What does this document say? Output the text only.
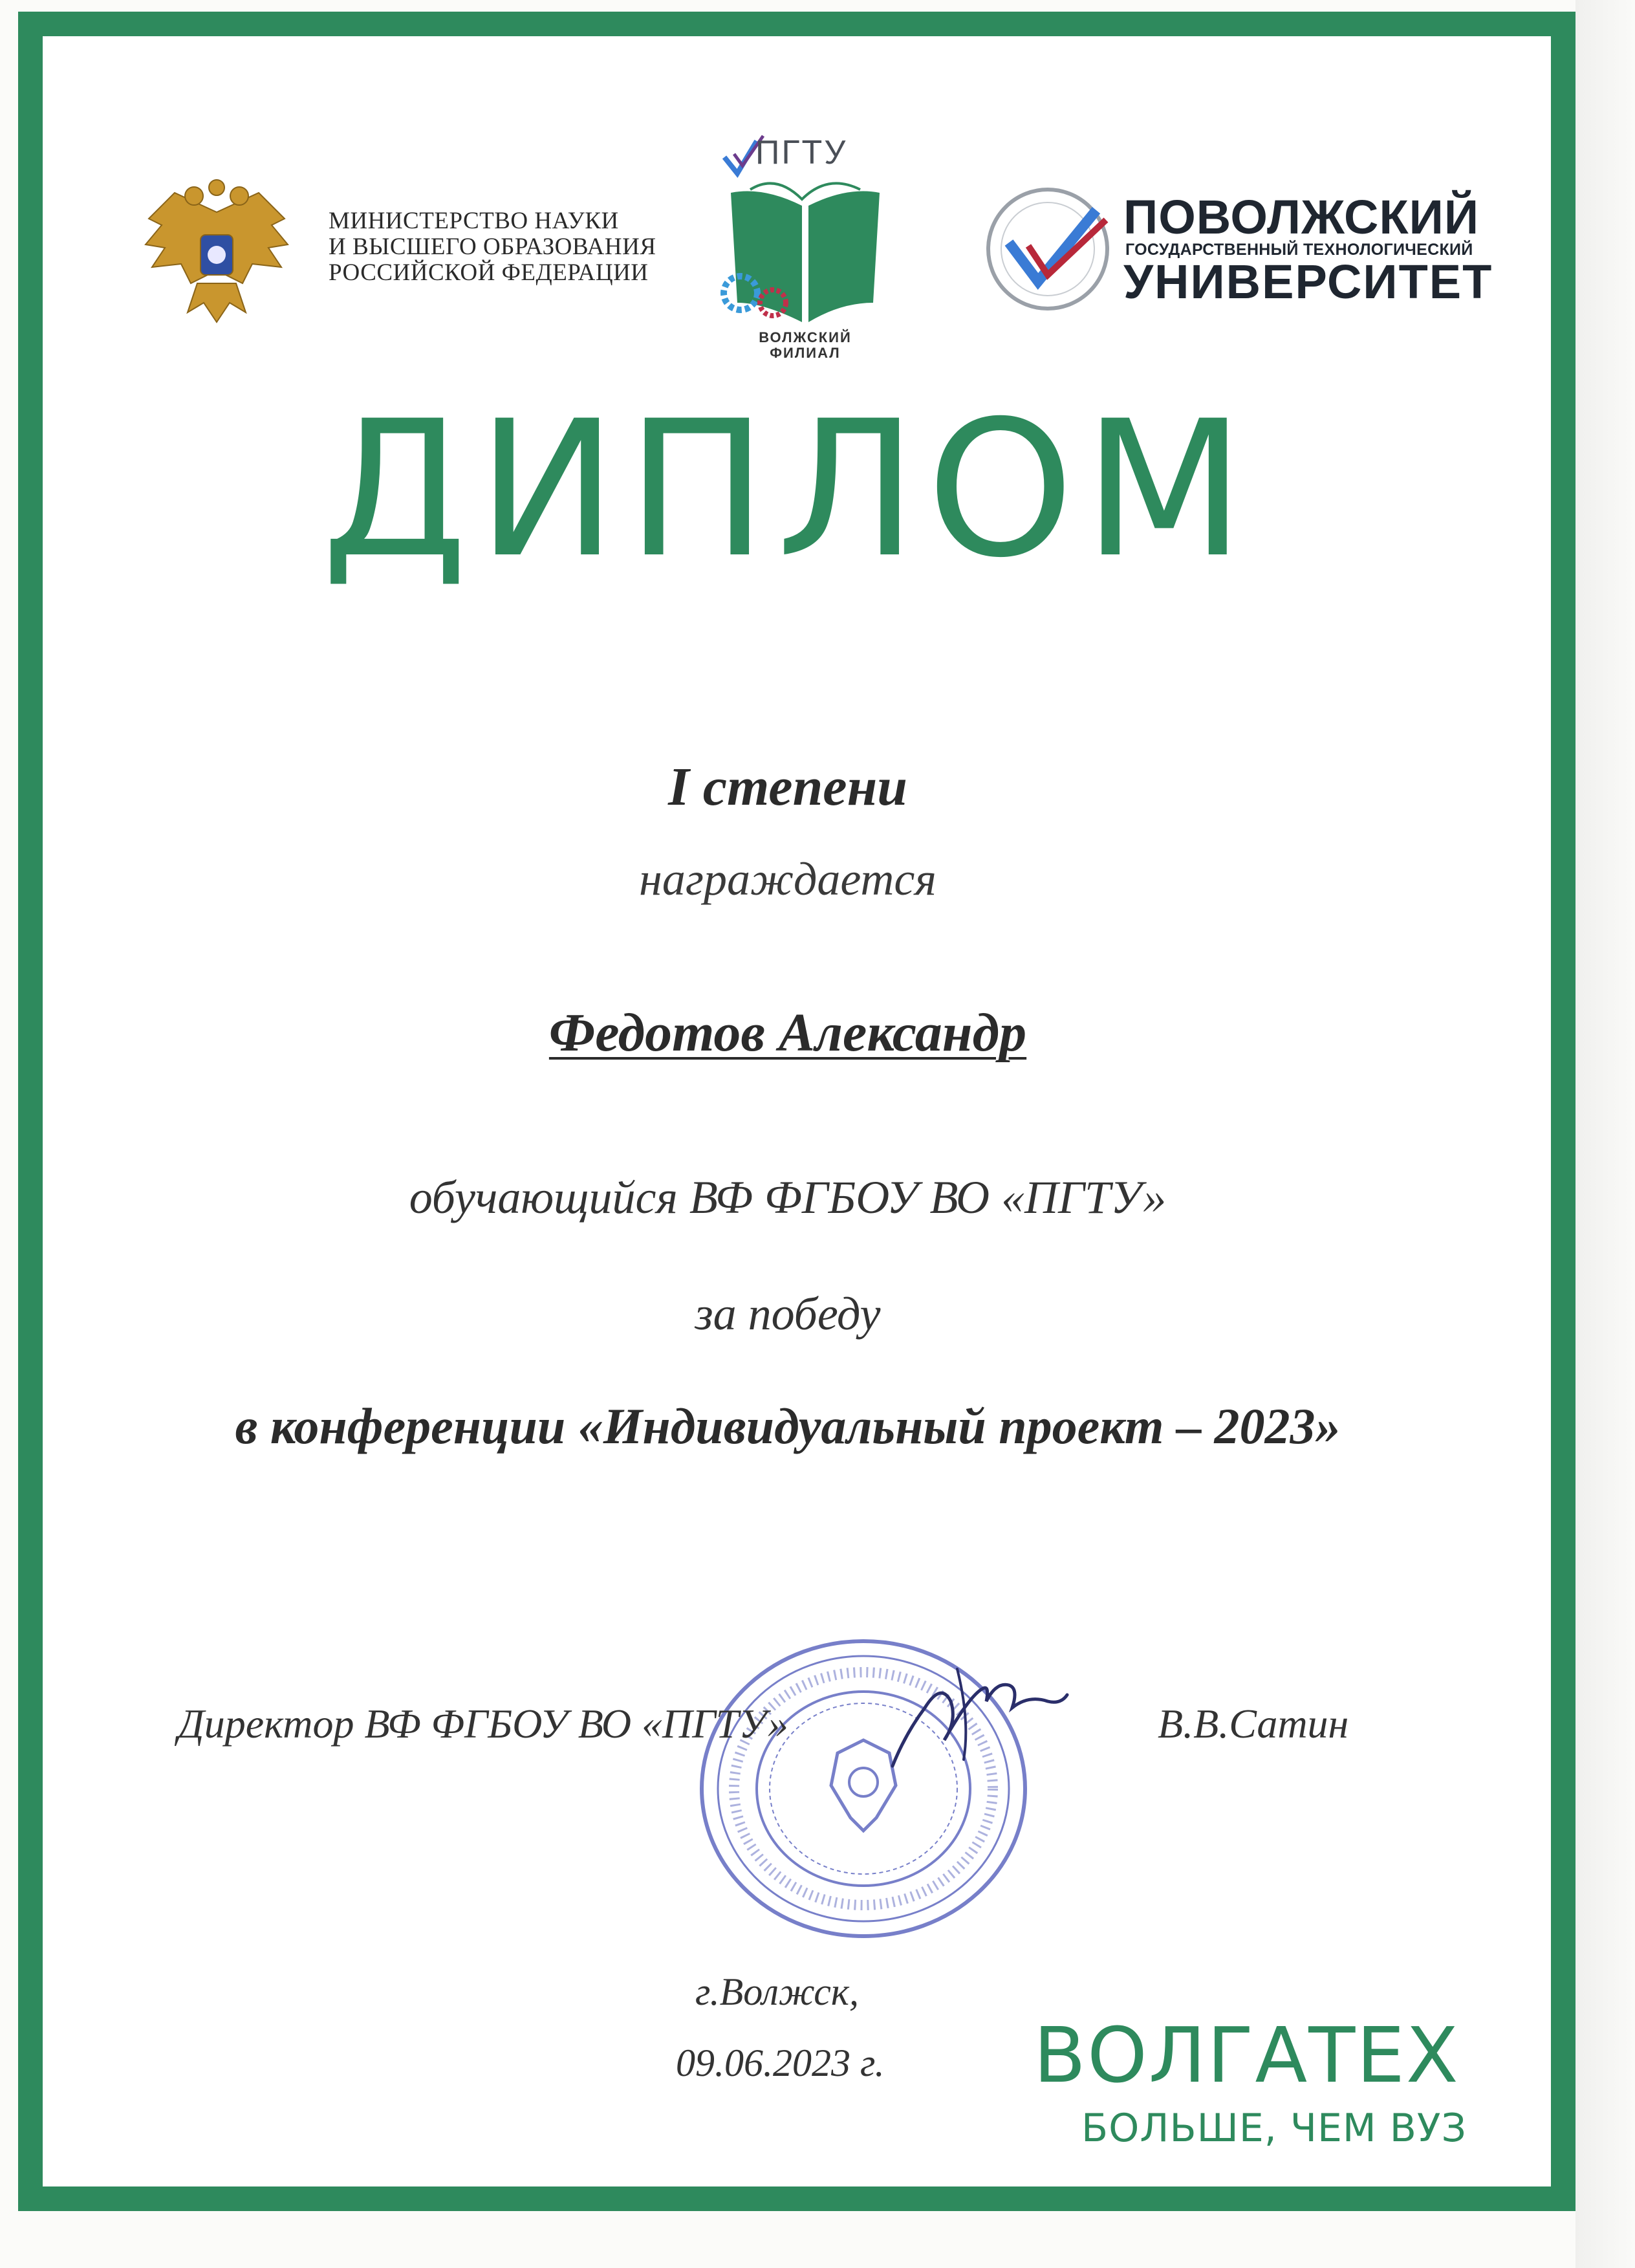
МИНИСТЕРСТВО НАУКИ
И ВЫСШЕГО ОБРАЗОВАНИЯ
РОССИЙСКОЙ ФЕДЕРАЦИИ
ПГТУ
ВОЛЖСКИЙ
ФИЛИАЛ
ПОВОЛЖСКИЙ
ГОСУДАРСТВЕННЫЙ ТЕХНОЛОГИЧЕСКИЙ
УНИВЕРСИТЕТ
ДИПЛОМ
I степени
награждается
Федотов Александр
обучающийся ВФ ФГБОУ ВО «ПГТУ»
за победу
в конференции «Индивидуальный проект – 2023»
Директор ВФ ФГБОУ ВО «ПГТУ»	В.В.Сатин
г.Волжск,
09.06.2023 г. ВОЛГАТЕХ
БОЛЬШЕ, ЧЕМ ВУЗ
